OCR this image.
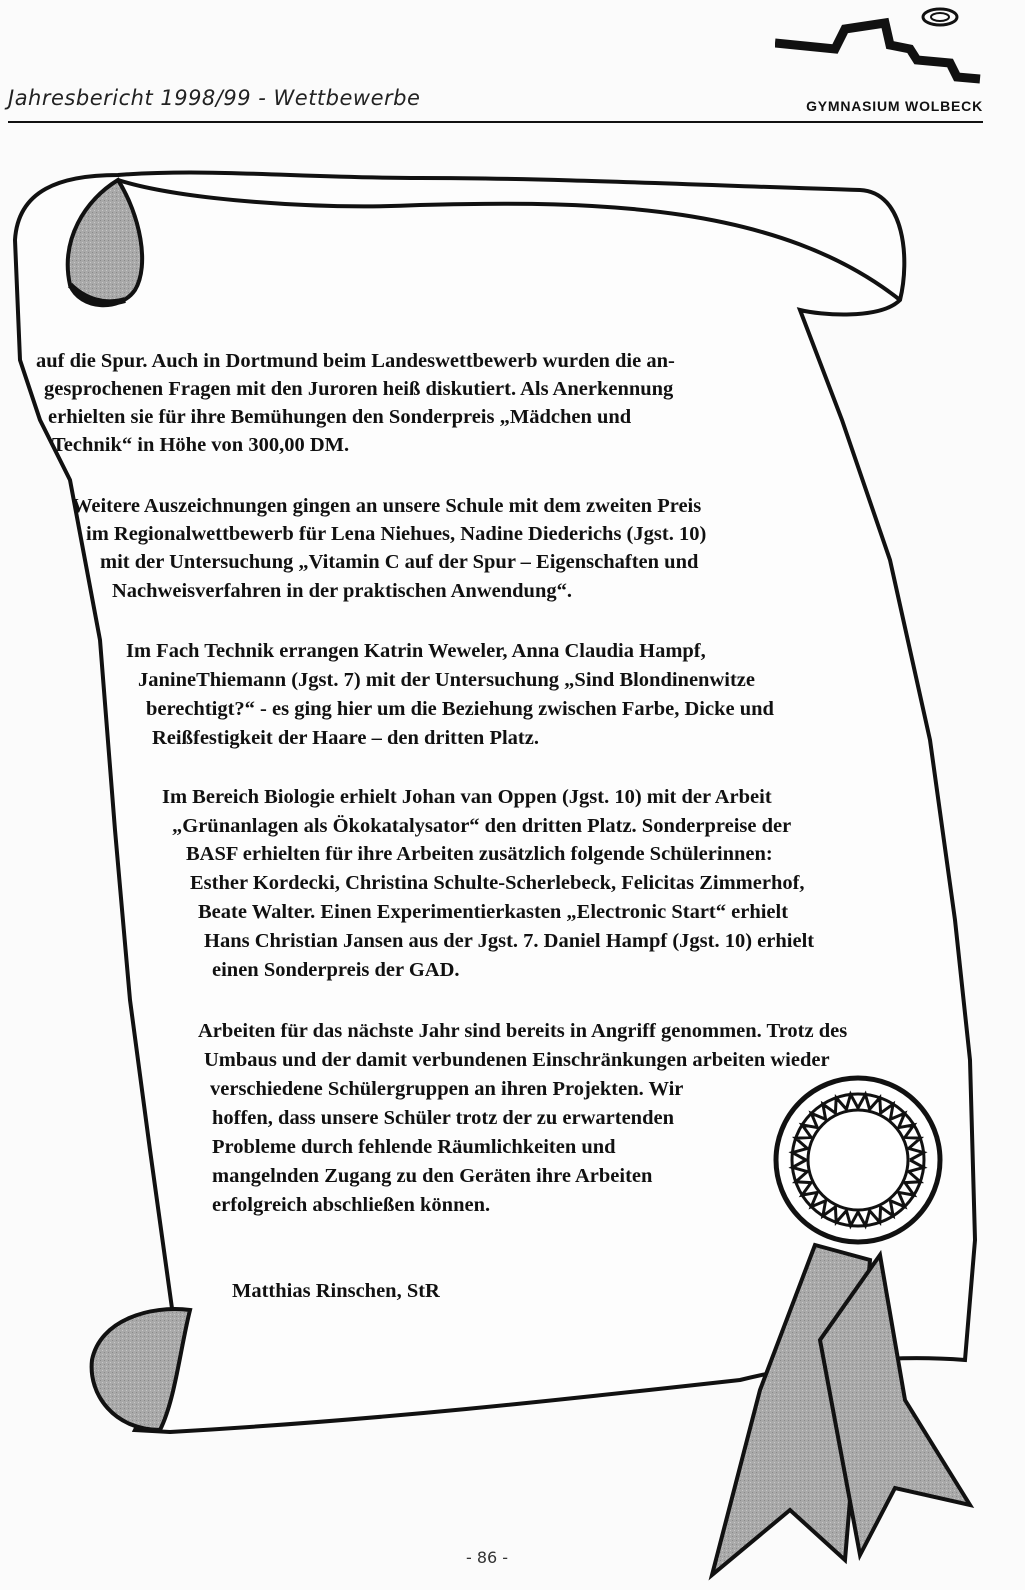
Jahresbericht 1998/99 - Wettbewerbe	GYMNASIUM WOLBECK
auf die Spur. Auch in Dortmund beim Landeswettbewerb wurden die an-
gesprochenen Fragen mit den Juroren heiß diskutiert. Als Anerkennung
erhielten sie für ihre Bemühungen den Sonderpreis „Mädchen und
Technik“ in Höhe von 300,00 DM.
Weitere Auszeichnungen gingen an unsere Schule mit dem zweiten Preis
im Regionalwettbewerb für Lena Niehues, Nadine Diederichs (Jgst. 10)
mit der Untersuchung „Vitamin C auf der Spur – Eigenschaften und
Nachweisverfahren in der praktischen Anwendung“.
Im Fach Technik errangen Katrin Weweler, Anna Claudia Hampf,
JanineThiemann (Jgst. 7) mit der Untersuchung „Sind Blondinenwitze
berechtigt?“ - es ging hier um die Beziehung zwischen Farbe, Dicke und
Reißfestigkeit der Haare – den dritten Platz.
Im Bereich Biologie erhielt Johan van Oppen (Jgst. 10) mit der Arbeit
„Grünanlagen als Ökokatalysator“ den dritten Platz. Sonderpreise der
BASF erhielten für ihre Arbeiten zusätzlich folgende Schülerinnen:
Esther Kordecki, Christina Schulte-Scherlebeck, Felicitas Zimmerhof,
Beate Walter. Einen Experimentierkasten „Electronic Start“ erhielt
Hans Christian Jansen aus der Jgst. 7. Daniel Hampf (Jgst. 10) erhielt
einen Sonderpreis der GAD.
Arbeiten für das nächste Jahr sind bereits in Angriff genommen. Trotz des
Umbaus und der damit verbundenen Einschränkungen arbeiten wieder
verschiedene Schülergruppen an ihren Projekten. Wir
hoffen, dass unsere Schüler trotz der zu erwartenden
Probleme durch fehlende Räumlichkeiten und
mangelnden Zugang zu den Geräten ihre Arbeiten
erfolgreich abschließen können.
Matthias Rinschen, StR
- 86 -
